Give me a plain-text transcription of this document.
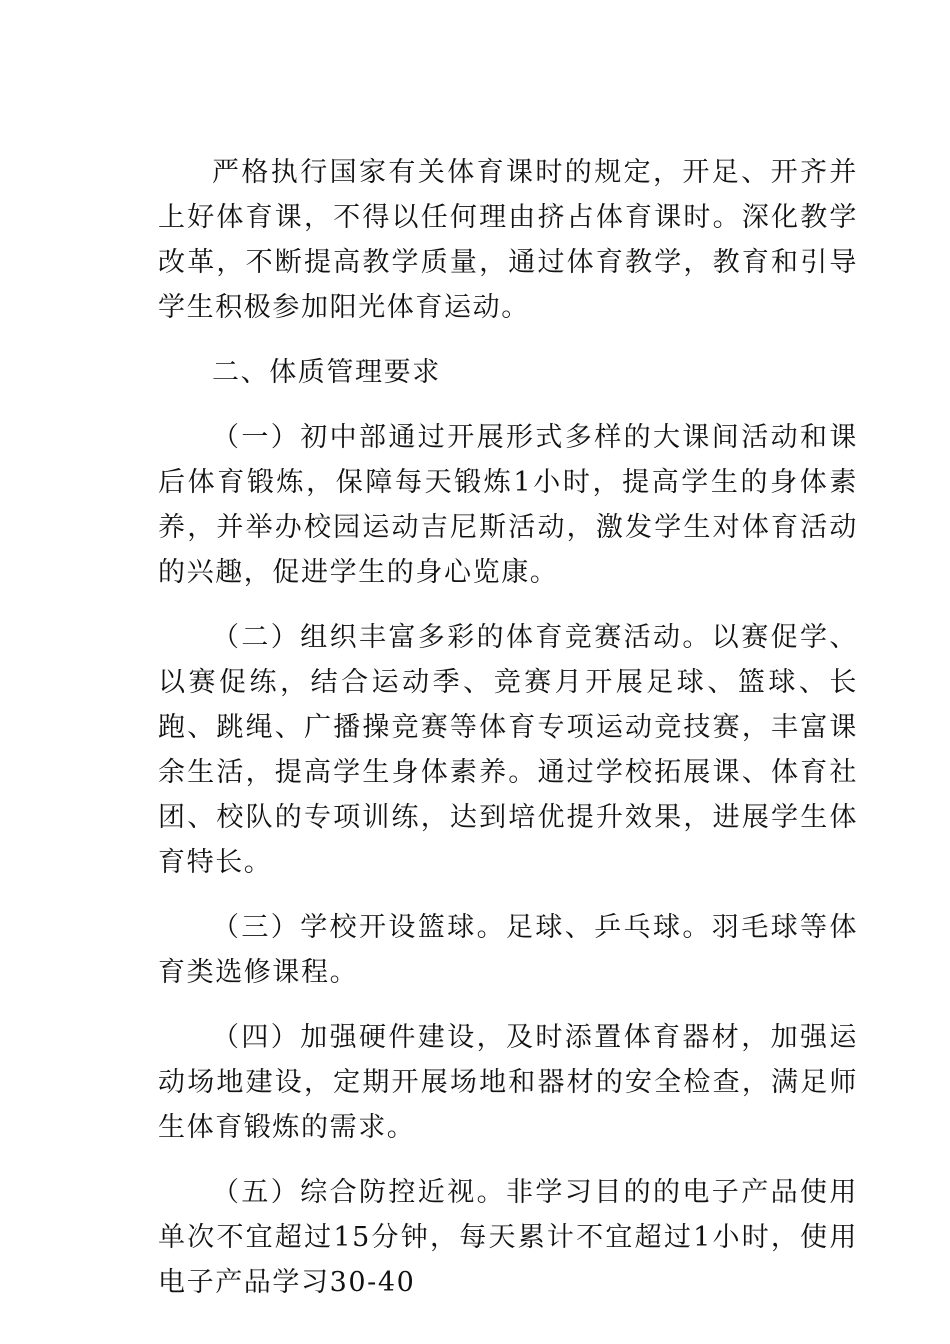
严格执行国家有关体育课时的规定，开足、开齐并上好体育课，不得以任何理由挤占体育课时。深化教学改革，不断提高教学质量，通过体育教学，教育和引导学生积极参加阳光体育运动。

二、体质管理要求

（一）初中部通过开展形式多样的大课间活动和课后体育锻炼，保障每天锻炼1小时，提高学生的身体素养，并举办校园运动吉尼斯活动，激发学生对体育活动的兴趣，促进学生的身心览康。

（二）组织丰富多彩的体育竞赛活动。以赛促学、以赛促练，结合运动季、竞赛月开展足球、篮球、长跑、跳绳、广播操竞赛等体育专项运动竞技赛，丰富课余生活，提高学生身体素养。通过学校拓展课、体育社团、校队的专项训练，达到培优提升效果，进展学生体育特长。

（三）学校开设篮球。足球、乒乓球。羽毛球等体育类选修课程。

（四）加强硬件建设，及时添置体育器材，加强运动场地建设，定期开展场地和器材的安全检查，满足师生体育锻炼的需求。

（五）综合防控近视。非学习目的的电子产品使用单次不宜超过15分钟，每天累计不宜超过1小时，使用电子产品学习30-40
